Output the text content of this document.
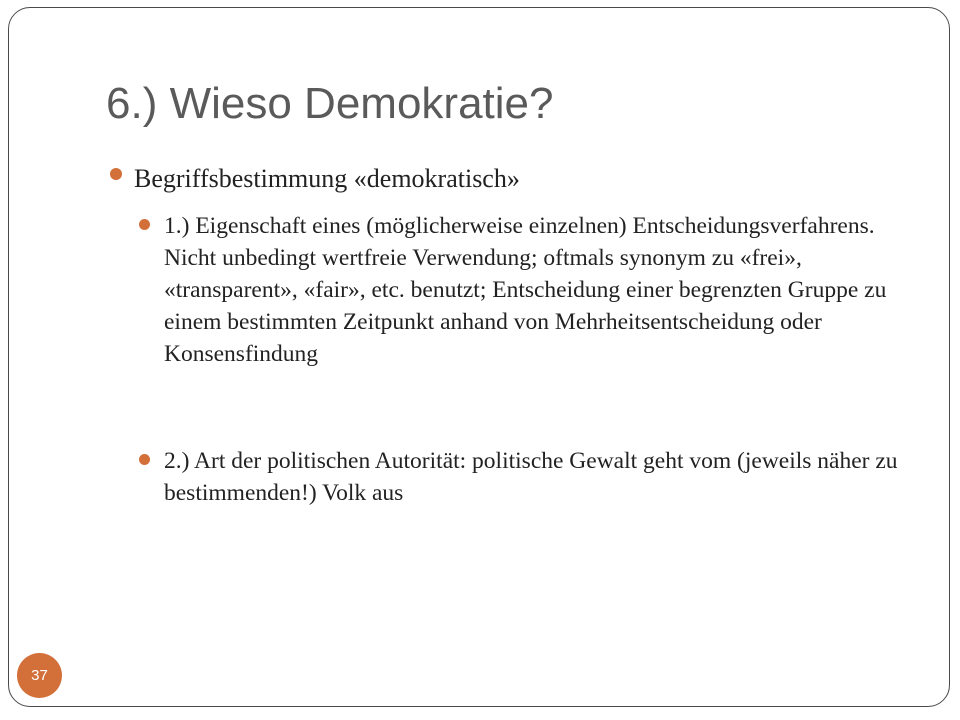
6.) Wieso Demokratie?
Begriffsbestimmung «demokratisch»
1.) Eigenschaft eines (möglicherweise einzelnen) Entscheidungsverfahrens. Nicht unbedingt wertfreie Verwendung; oftmals synonym zu «frei», «transparent», «fair», etc. benutzt; Entscheidung einer begrenzten Gruppe zu einem bestimmten Zeitpunkt anhand von Mehrheitsentscheidung oder Konsensfindung
2.) Art der politischen Autorität: politische Gewalt geht vom (jeweils näher zu bestimmenden!) Volk aus
37
